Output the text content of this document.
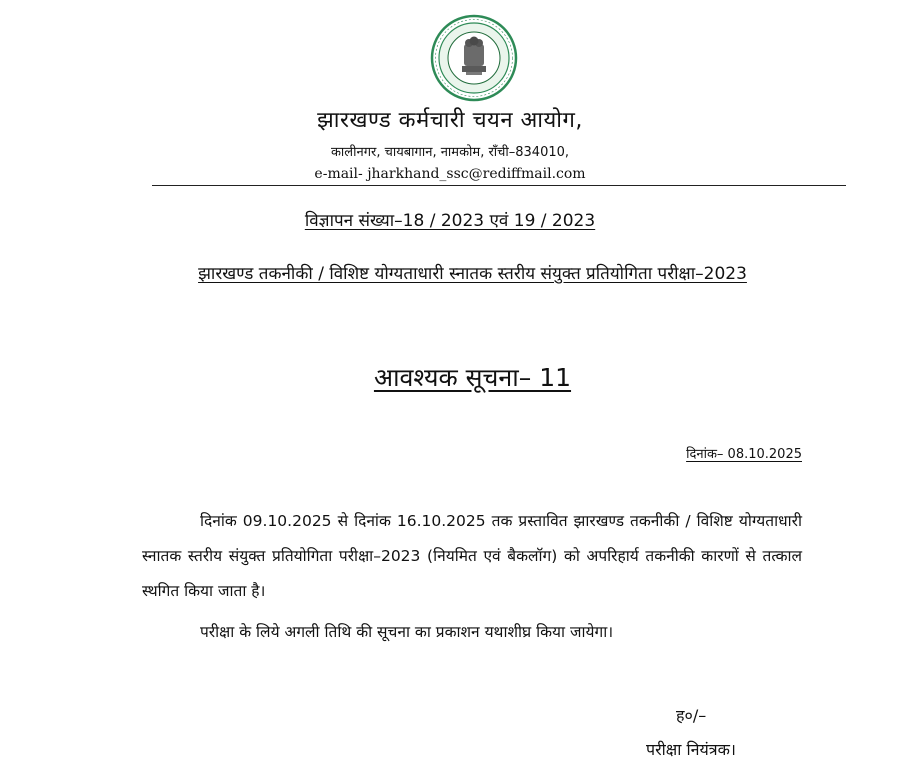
झारखण्ड कर्मचारी चयन आयोग,
कालीनगर, चायबागान, नामकोम, राँची–834010,
e-mail- jharkhand_ssc@rediffmail.com
विज्ञापन संख्या–18 / 2023 एवं 19 / 2023
झारखण्ड तकनीकी / विशिष्ट योग्यताधारी स्नातक स्तरीय संयुक्त प्रतियोगिता परीक्षा–2023
आवश्यक सूचना– 11
दिनांक– 08.10.2025

दिनांक 09.10.2025 से दिनांक 16.10.2025 तक प्रस्तावित झारखण्ड तकनीकी / विशिष्ट योग्यताधारी स्नातक स्तरीय संयुक्त प्रतियोगिता परीक्षा–2023 (नियमित एवं बैकलॉग) को अपरिहार्य तकनीकी कारणों से तत्काल स्थगित किया जाता है।

परीक्षा के लिये अगली तिथि की सूचना का प्रकाशन यथाशीघ्र किया जायेगा।

ह०/–
परीक्षा नियंत्रक।
